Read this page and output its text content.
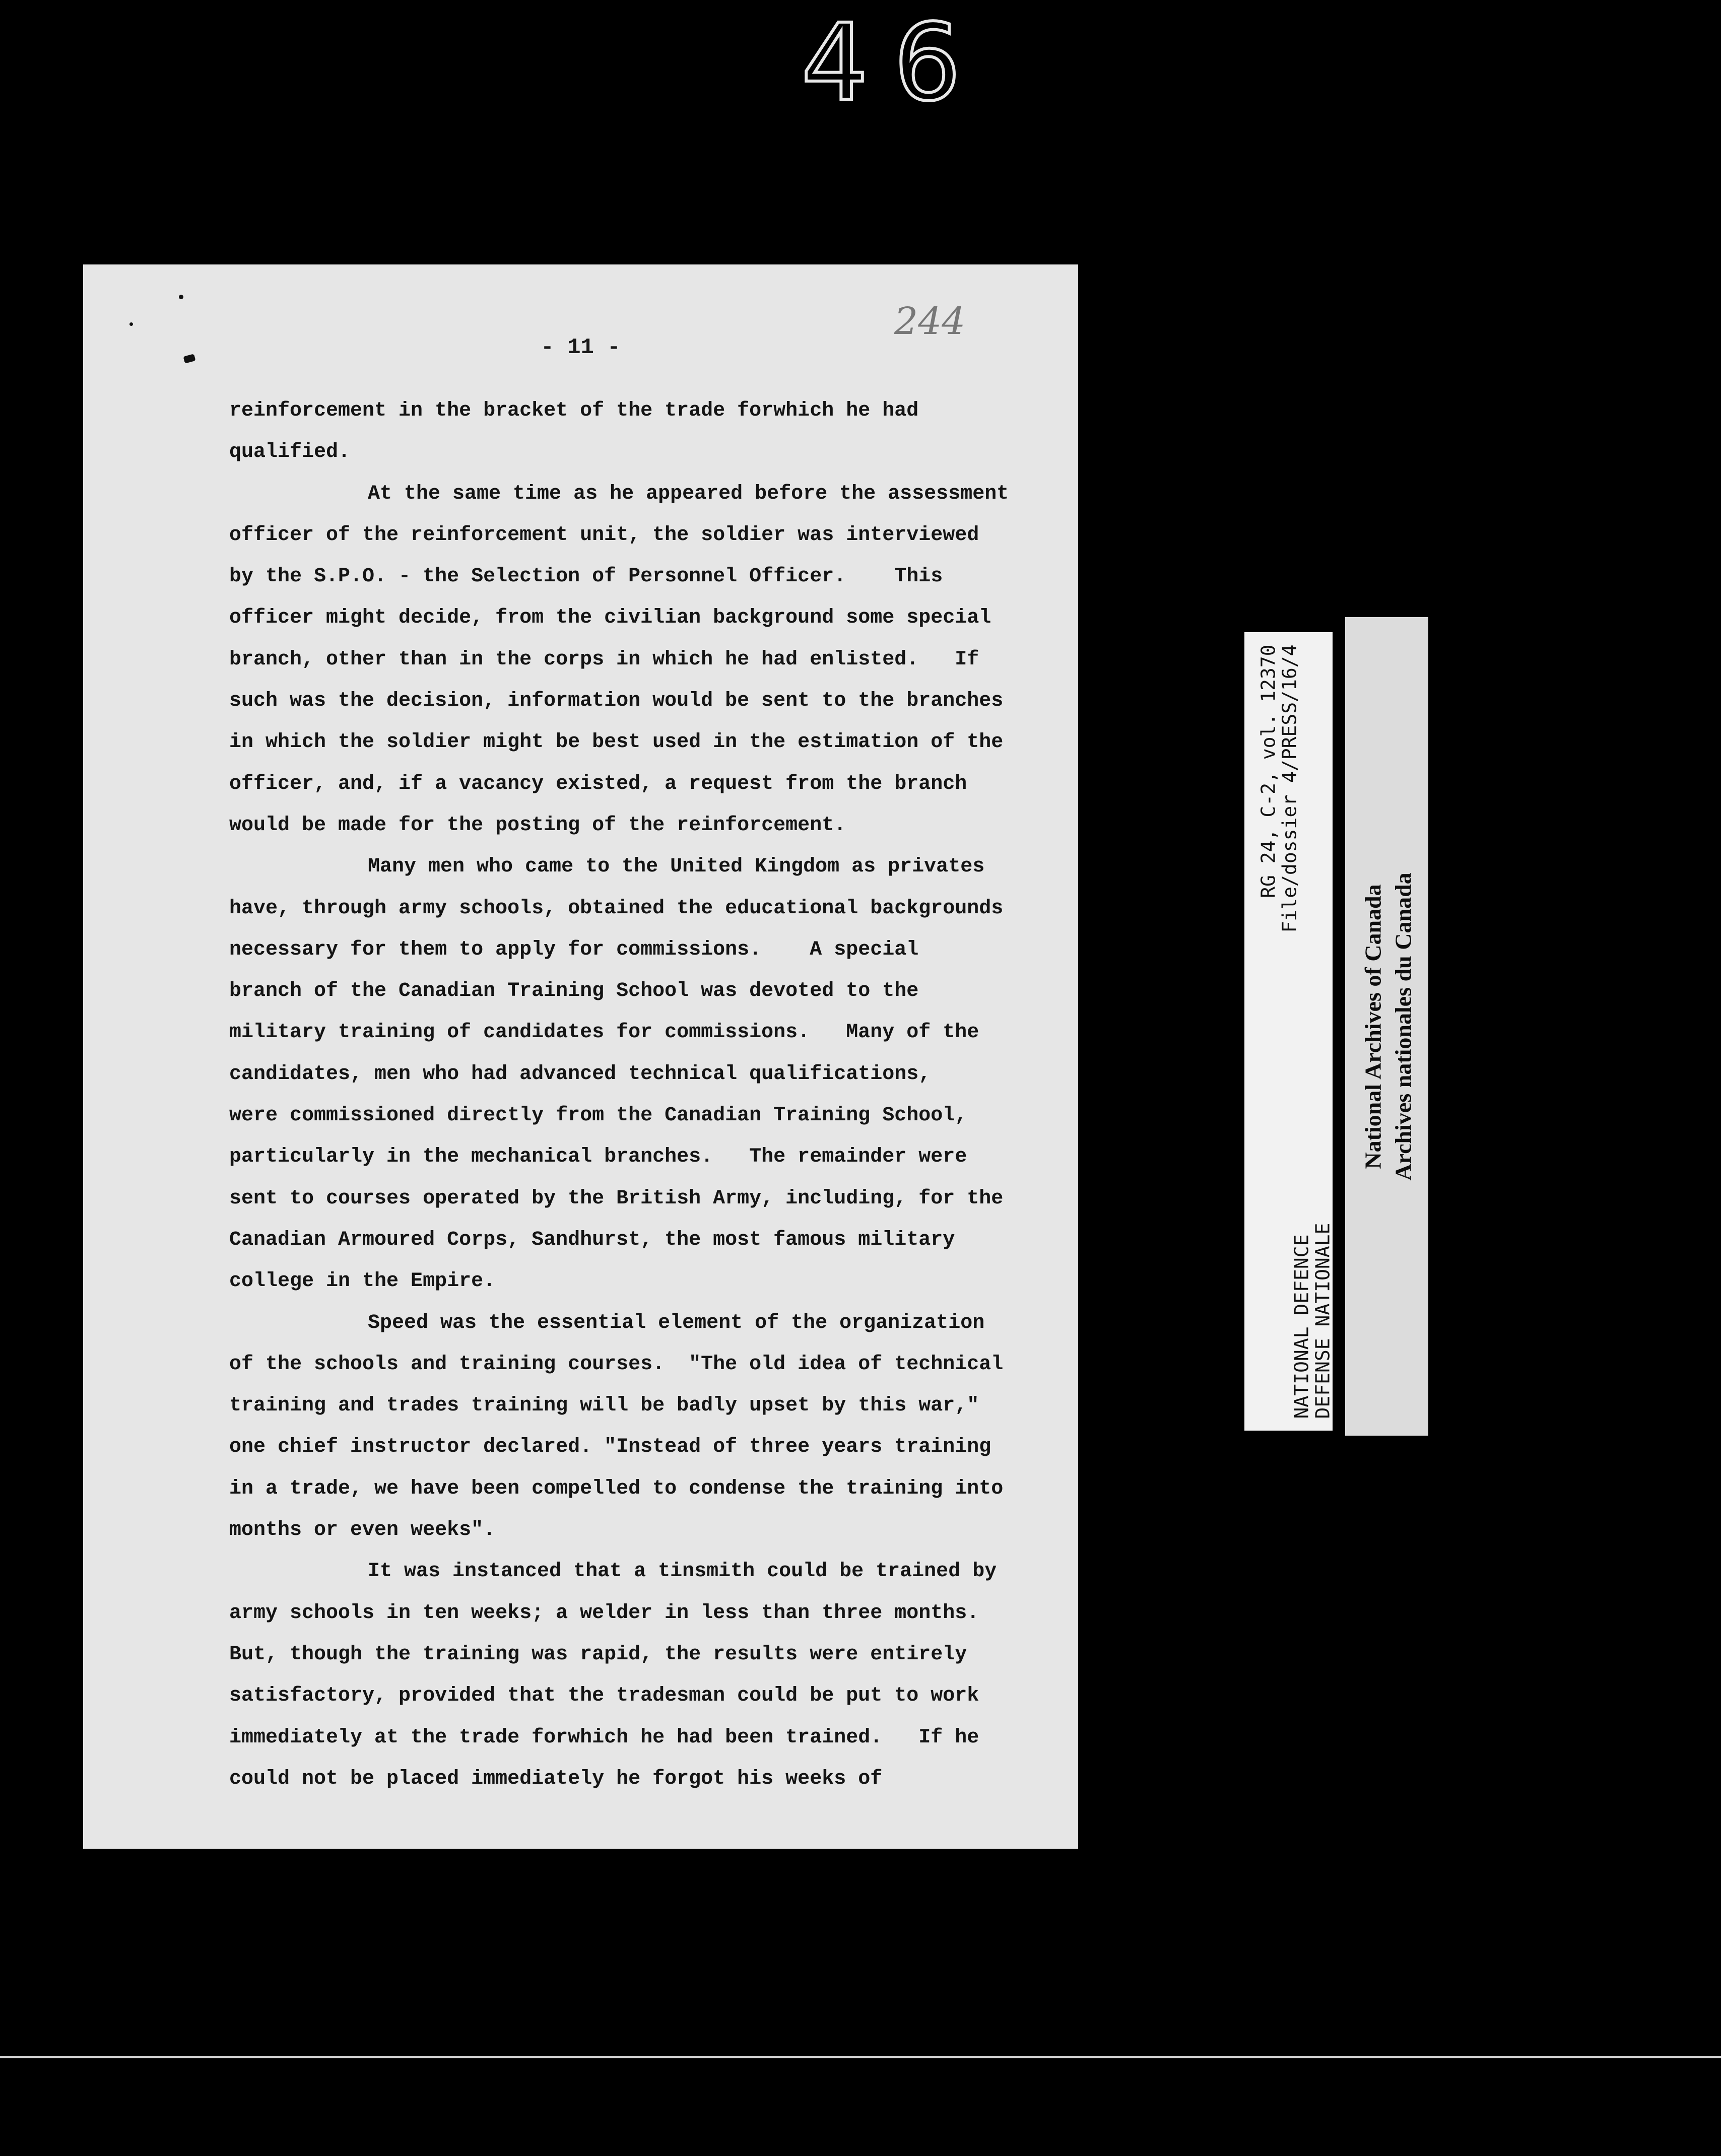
46
- 11 -
244
reinforcement in the bracket of the trade forwhich he had
qualified.
At the same time as he appeared before the assessment
officer of the reinforcement unit, the soldier was interviewed
by the S.P.O. - the Selection of Personnel Officer.    This
officer might decide, from the civilian background some special
branch, other than in the corps in which he had enlisted.   If
such was the decision, information would be sent to the branches
in which the soldier might be best used in the estimation of the
officer, and, if a vacancy existed, a request from the branch
would be made for the posting of the reinforcement.
Many men who came to the United Kingdom as privates
have, through army schools, obtained the educational backgrounds
necessary for them to apply for commissions.    A special
branch of the Canadian Training School was devoted to the
military training of candidates for commissions.   Many of the
candidates, men who had advanced technical qualifications,
were commissioned directly from the Canadian Training School,
particularly in the mechanical branches.   The remainder were
sent to courses operated by the British Army, including, for the
Canadian Armoured Corps, Sandhurst, the most famous military
college in the Empire.
Speed was the essential element of the organization
of the schools and training courses.  "The old idea of technical
training and trades training will be badly upset by this war,"
one chief instructor declared. "Instead of three years training
in a trade, we have been compelled to condense the training into
months or even weeks".
It was instanced that a tinsmith could be trained by
army schools in ten weeks; a welder in less than three months.
But, though the training was rapid, the results were entirely
satisfactory, provided that the tradesman could be put to work
immediately at the trade forwhich he had been trained.   If he
could not be placed immediately he forgot his weeks of
RG 24, C-2, vol. 12370
File/dossier 4/PRESS/16/4
NATIONAL DEFENCE
DEFENSE NATIONALE
National Archives of Canada Archives nationales du Canada
